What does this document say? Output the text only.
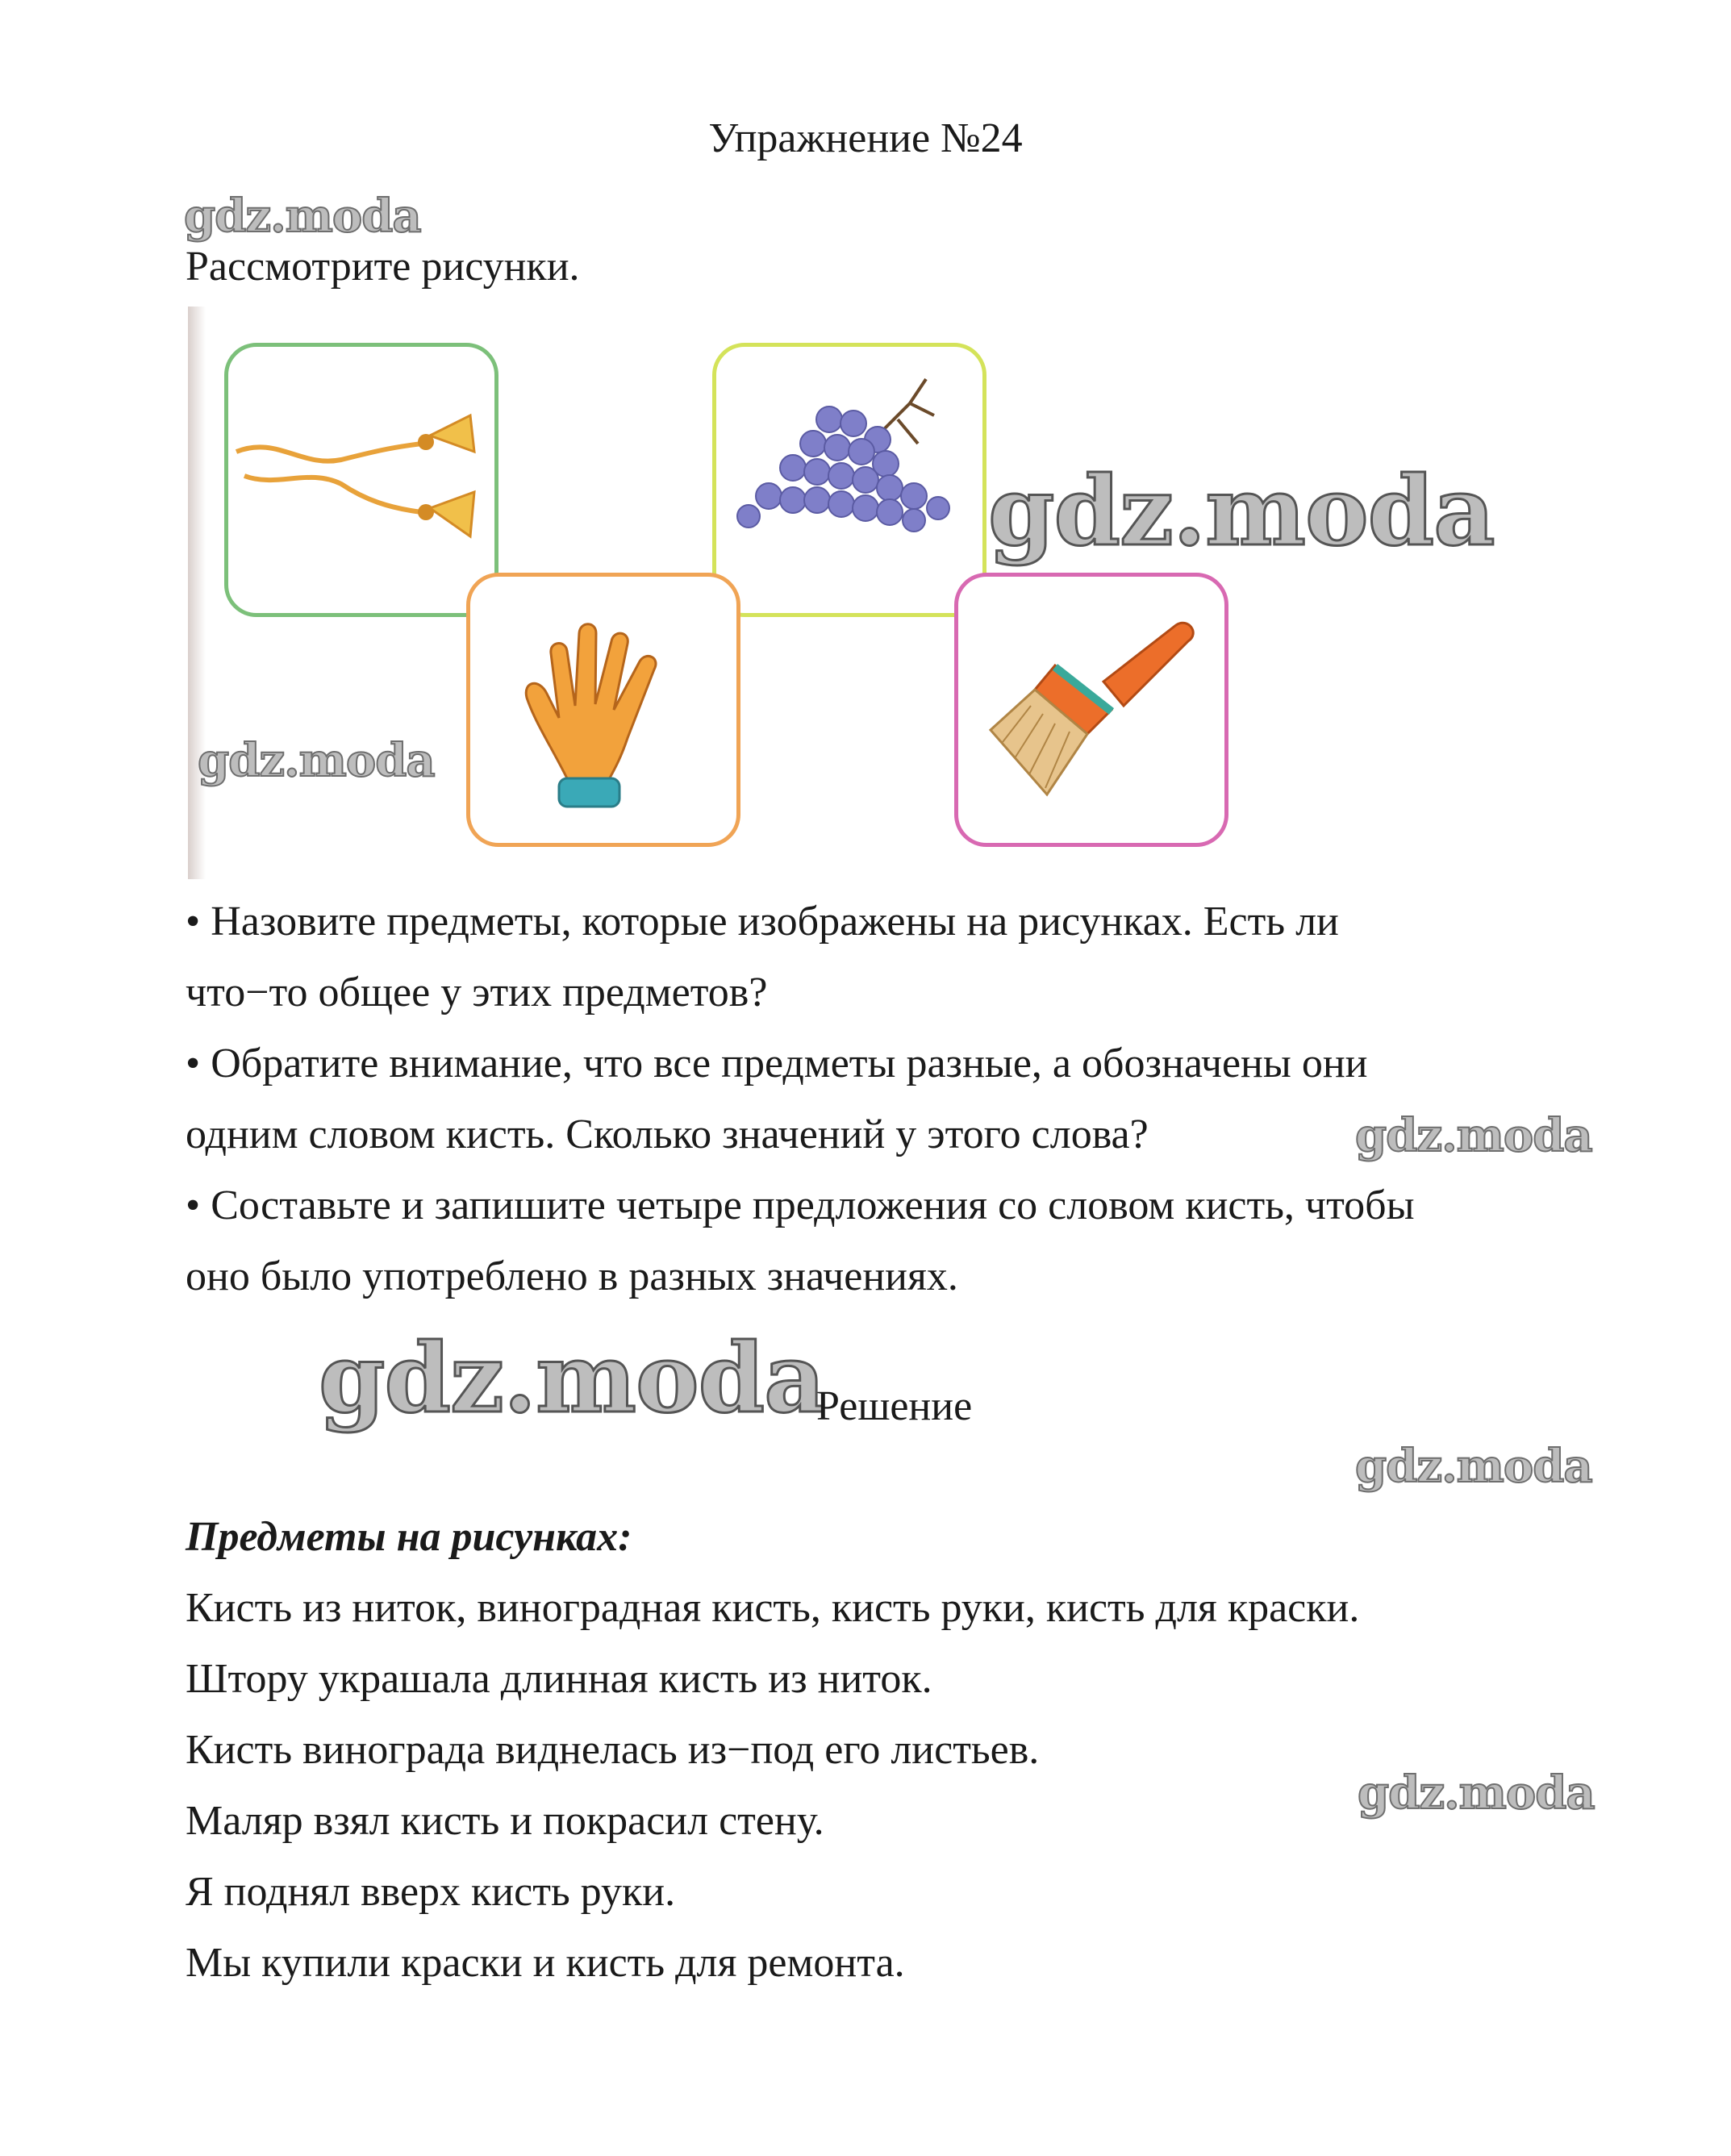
Упражнение №24
gdz.moda
Рассмотрите рисунки.
gdz.moda
gdz.moda
• Назовите предметы, которые изображены на рисунках. Есть ли
что−то общее у этих предметов?
• Обратите внимание, что все предметы разные, а обозначены они
одним словом кисть. Сколько значений у этого слова?	gdz.moda
• Составьте и запишите четыре предложения со словом кисть, чтобы
оно было употреблено в разных значениях.
gdz.moda
Решение
gdz.moda
Предметы на рисунках:
Кисть из ниток, виноградная кисть, кисть руки, кисть для краски.
Штору украшала длинная кисть из ниток.
Кисть винограда виднелась из−под его листьев.
gdz.moda
Маляр взял кисть и покрасил стену.
Я поднял вверх кисть руки.
Мы купили краски и кисть для ремонта.
